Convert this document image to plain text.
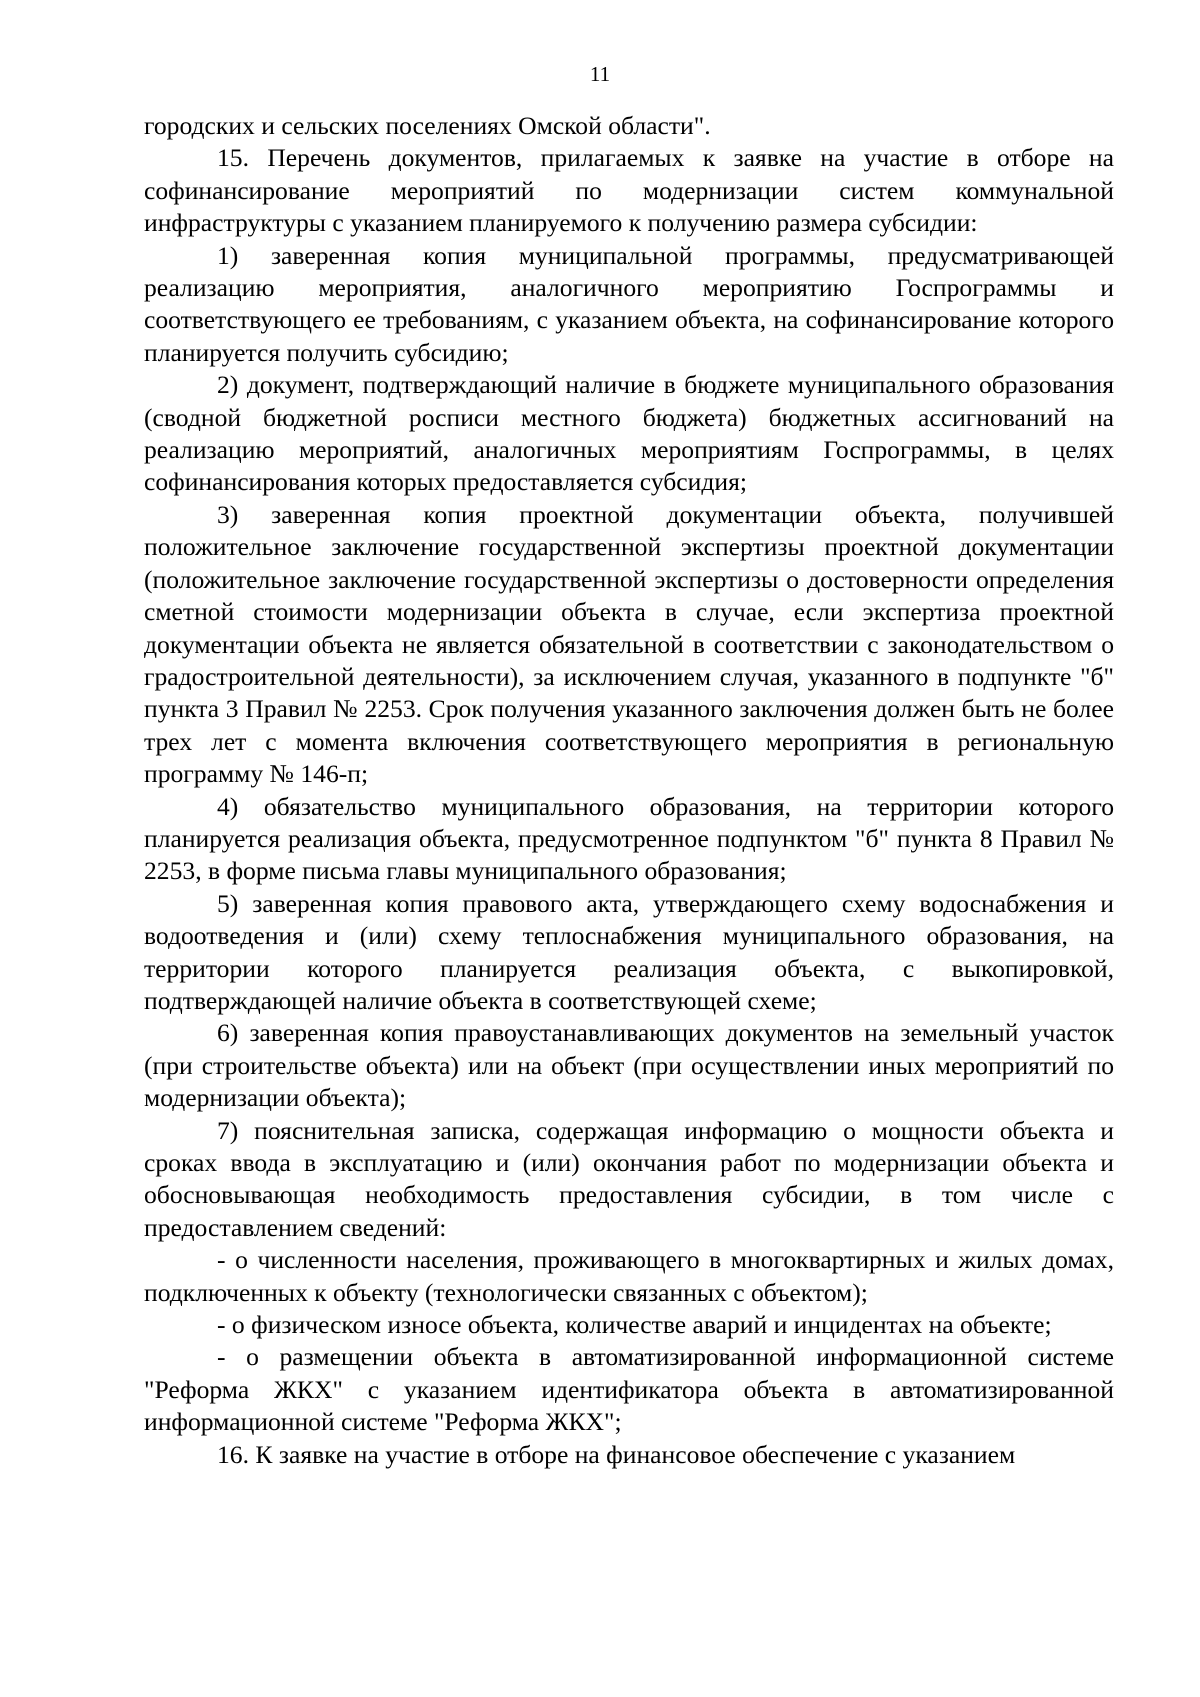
11

городских и сельских поселениях Омской области".

15. Перечень документов, прилагаемых к заявке на участие в отборе на софинансирование мероприятий по модернизации систем коммунальной инфраструктуры с указанием планируемого к получению размера субсидии:

1) заверенная копия муниципальной программы, предусматривающей реализацию мероприятия, аналогичного мероприятию Госпрограммы и соответствующего ее требованиям, с указанием объекта, на софинансирование которого планируется получить субсидию;

2) документ, подтверждающий наличие в бюджете муниципального образования (сводной бюджетной росписи местного бюджета) бюджетных ассигнований на реализацию мероприятий, аналогичных мероприятиям Госпрограммы, в целях софинансирования которых предоставляется субсидия;

3) заверенная копия проектной документации объекта, получившей положительное заключение государственной экспертизы проектной документации (положительное заключение государственной экспертизы о достоверности определения сметной стоимости модернизации объекта в случае, если экспертиза проектной документации объекта не является обязательной в соответствии с законодательством о градостроительной деятельности), за исключением случая, указанного в подпункте "б" пункта 3 Правил № 2253. Срок получения указанного заключения должен быть не более трех лет с момента включения соответствующего мероприятия в региональную программу № 146-п;

4) обязательство муниципального образования, на территории которого планируется реализация объекта, предусмотренное подпунктом "б" пункта 8 Правил № 2253, в форме письма главы муниципального образования;

5) заверенная копия правового акта, утверждающего схему водоснабжения и водоотведения и (или) схему теплоснабжения муниципального образования, на территории которого планируется реализация объекта, с выкопировкой, подтверждающей наличие объекта в соответствующей схеме;

6) заверенная копия правоустанавливающих документов на земельный участок (при строительстве объекта) или на объект (при осуществлении иных мероприятий по модернизации объекта);

7) пояснительная записка, содержащая информацию о мощности объекта и сроках ввода в эксплуатацию и (или) окончания работ по модернизации объекта и обосновывающая необходимость предоставления субсидии, в том числе с предоставлением сведений:

- о численности населения, проживающего в многоквартирных и жилых домах, подключенных к объекту (технологически связанных с объектом);

- о физическом износе объекта, количестве аварий и инцидентах на объекте;

- о размещении объекта в автоматизированной информационной системе "Реформа ЖКХ" с указанием идентификатора объекта в автоматизированной информационной системе "Реформа ЖКХ";

16. К заявке на участие в отборе на финансовое обеспечение с указанием
